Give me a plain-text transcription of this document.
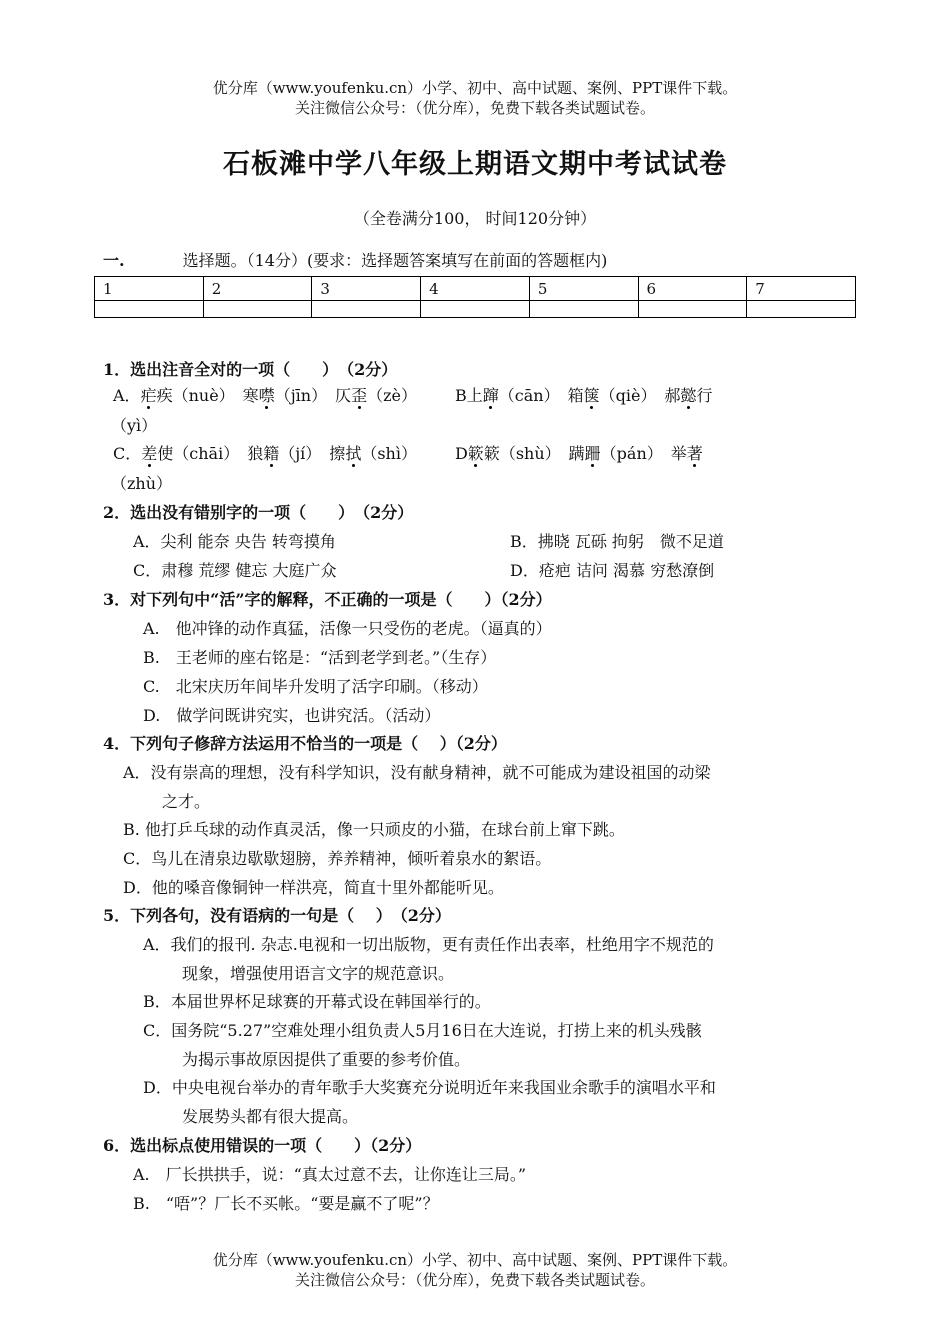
优分库（www.youfenku.cn）小学、初中、高中试题、案例、PPT课件下载。
关注微信公众号：（优分库），免费下载各类试题试卷。
石板滩中学八年级上期语文期中考试试卷
（全卷满分100， 时间120分钟）
一.	选择题。（14分）(要求：选择题答案填写在前面的答题框内)
1	2	3	4	5	6	7

1．选出注音全对的一项（　　）　（2分）
A．疟疾（nuè）　寒噤（jīn）　仄歪（zè） B上蹿（cān）　箱箧（qiè）　郝懿行
（yì）
C．差使（chāi）　狼籍（jí）　擦拭（shì） D簌簌（shù）　蹒跚（pán）　举著
（zhù）
2．选出没有错别字的一项（　　）　（2分）
A．尖利 能奈 央告 转弯摸角	B．拂晓 瓦砾 拘躬　微不足道
C．肃穆 荒缪 健忘 大庭广众	D．疮疤 诘问 渴慕 穷愁潦倒
3．对下列句中“活”字的解释，不正确的一项是（　　）（2分）
A.　他冲锋的动作真猛，活像一只受伤的老虎。（逼真的）
B.　王老师的座右铭是：“活到老学到老。”（生存）
C.　北宋庆历年间毕升发明了活字印刷。（移动）
D.　做学问既讲究实，也讲究活。（活动）
4．下列句子修辞方法运用不恰当的一项是（　 ）（2分）
A．没有崇高的理想，没有科学知识，没有献身精神，就不可能成为建设祖国的动梁
之才。
B. 他打乒乓球的动作真灵活，像一只顽皮的小猫，在球台前上窜下跳。
C．鸟儿在清泉边歇歇翅膀，养养精神，倾听着泉水的絮语。
D．他的嗓音像铜钟一样洪亮，简直十里外都能听见。
5．下列各句，没有语病的一句是（　 ）　（2分）
A．我们的报刊. 杂志.电视和一切出版物，更有责任作出表率，杜绝用字不规范的
现象，增强使用语言文字的规范意识。
B．本届世界杯足球赛的开幕式设在韩国举行的。
C．国务院“5.27”空难处理小组负责人5月16日在大连说，打捞上来的机头残骸
为揭示事故原因提供了重要的参考价值。
D．中央电视台举办的青年歌手大奖赛充分说明近年来我国业余歌手的演唱水平和
发展势头都有很大提高。
6．选出标点使用错误的一项（　　）（2分）
A.　厂长拱拱手，说：“真太过意不去，让你连让三局。”
B.　“唔”？厂长不买帐。“要是赢不了呢”？
优分库（www.youfenku.cn）小学、初中、高中试题、案例、PPT课件下载。
关注微信公众号：（优分库），免费下载各类试题试卷。
